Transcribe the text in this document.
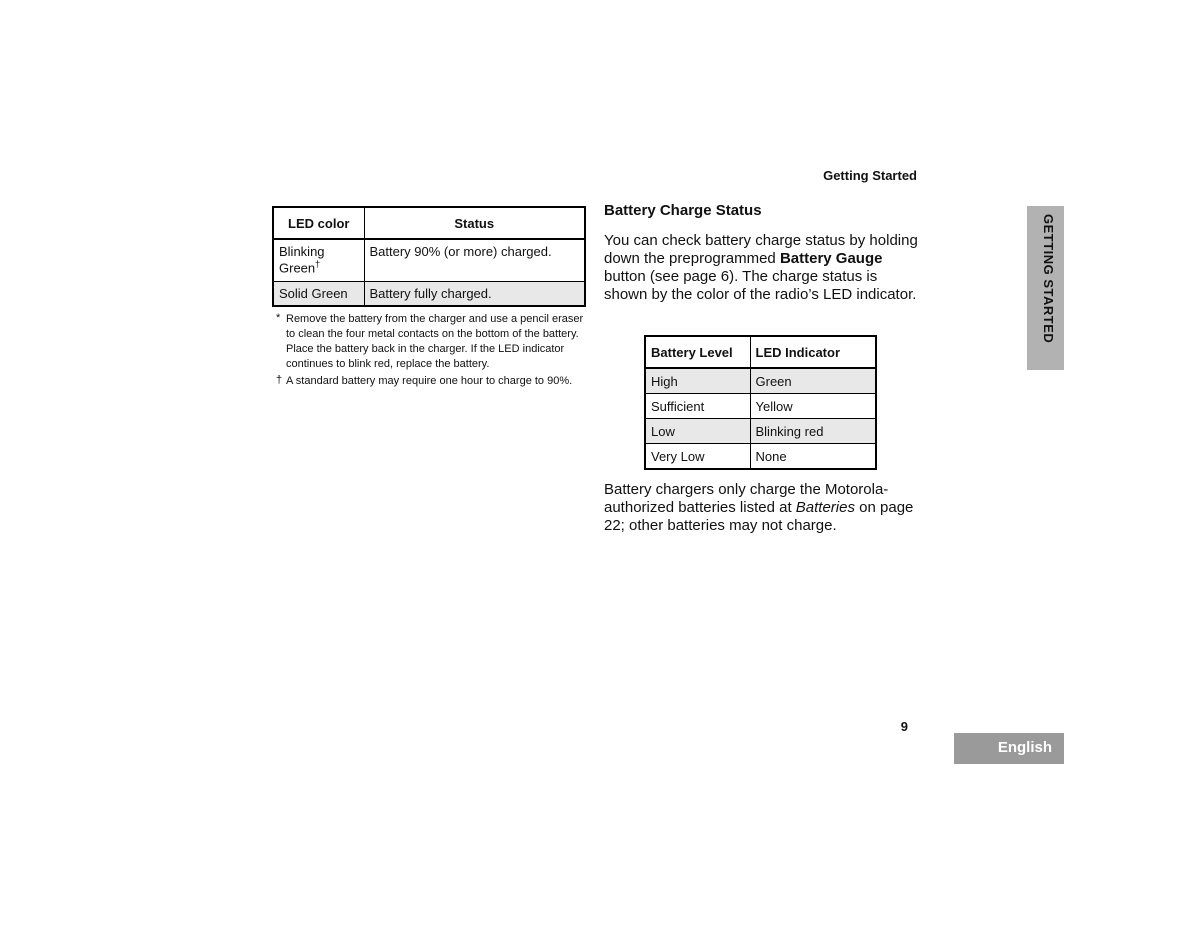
Getting Started
LED color	Status
Blinking Green†	Battery 90% (or more) charged.
Solid Green	Battery fully charged.
* Remove the battery from the charger and use a pencil eraser to clean the four metal contacts on the bottom of the battery. Place the battery back in the charger. If the LED indicator continues to blink red, replace the battery.
† A standard battery may require one hour to charge to 90%.
Battery Charge Status
You can check battery charge status by holding down the preprogrammed Battery Gauge button (see page 6). The charge status is shown by the color of the radio’s LED indicator.
Battery Level	LED Indicator
High	Green
Sufficient	Yellow
Low	Blinking red
Very Low	None
Battery chargers only charge the Motorola-authorized batteries listed at Batteries on page 22; other batteries may not charge.
GETTING STARTED
9
English
